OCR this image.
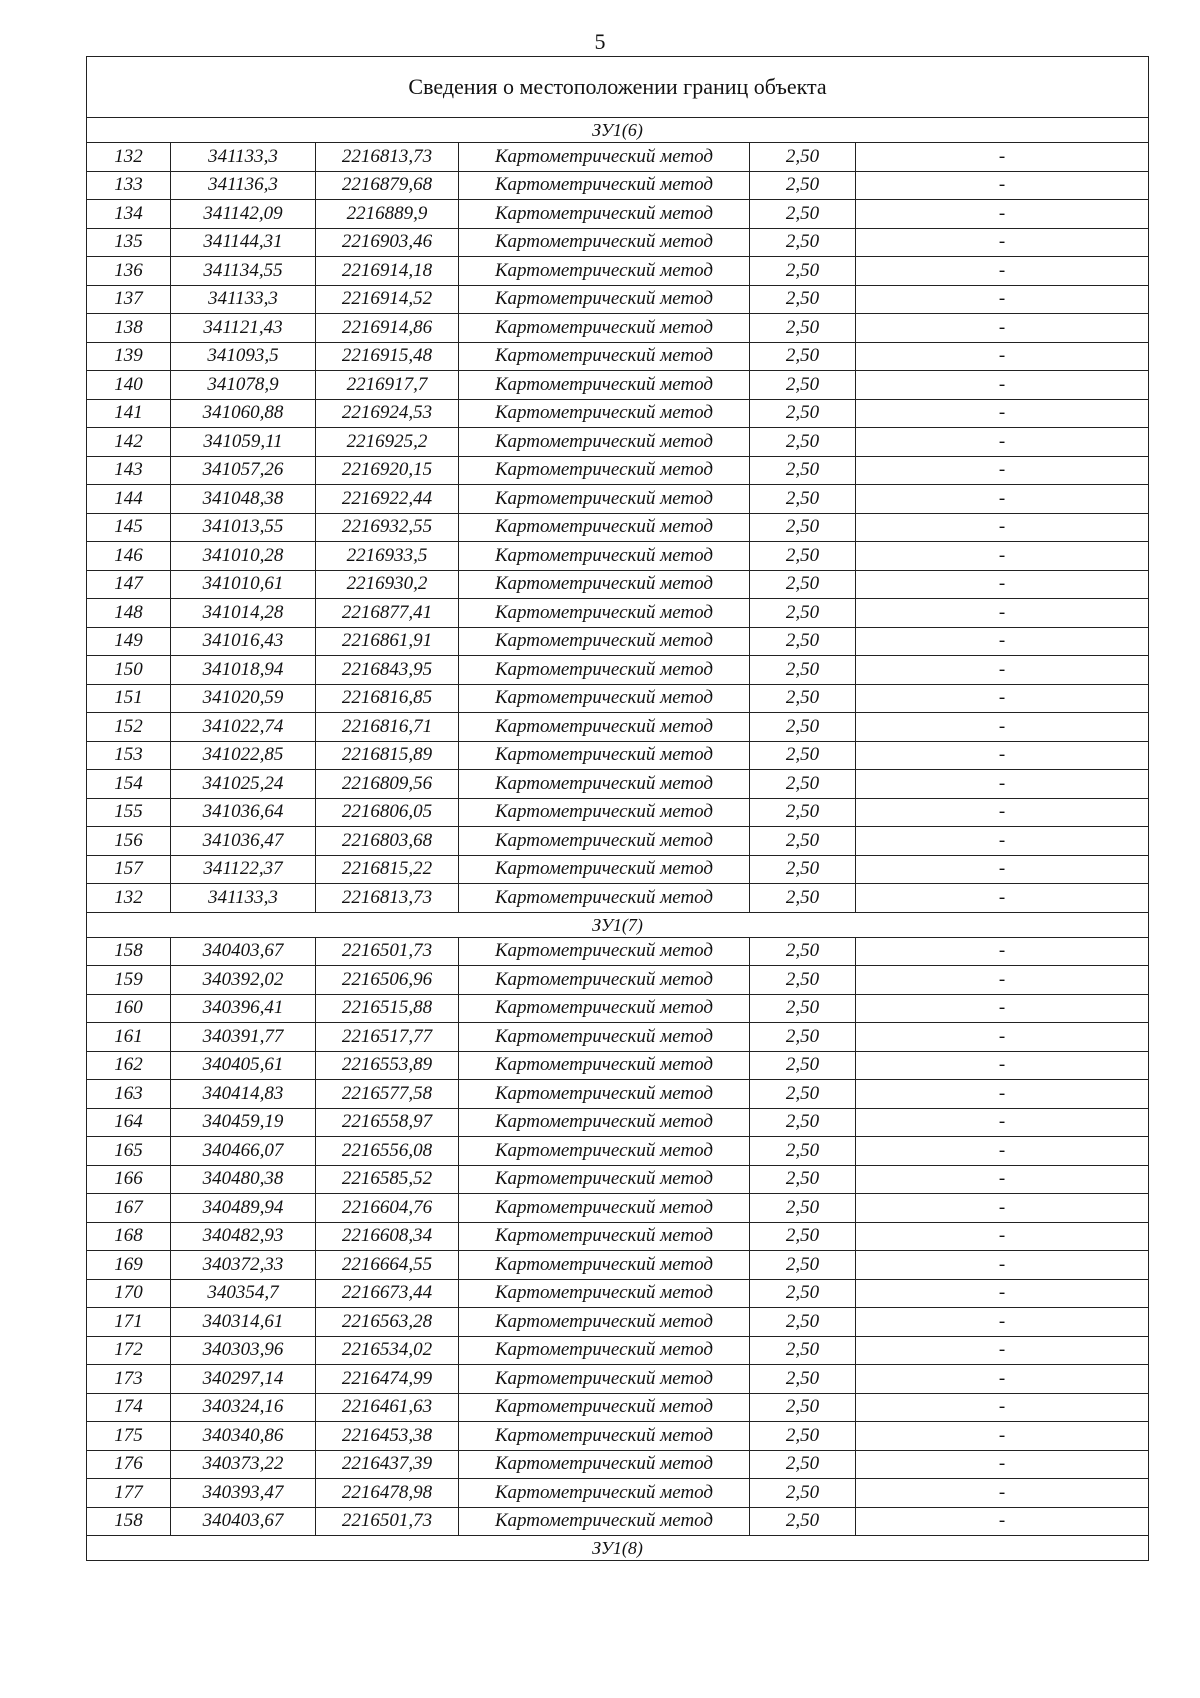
5
Сведения о местоположении границ объекта					
ЗУ1(6)					
132	341133,3	2216813,73	Картометрический метод	2,50	-
133	341136,3	2216879,68	Картометрический метод	2,50	-
134	341142,09	2216889,9	Картометрический метод	2,50	-
135	341144,31	2216903,46	Картометрический метод	2,50	-
136	341134,55	2216914,18	Картометрический метод	2,50	-
137	341133,3	2216914,52	Картометрический метод	2,50	-
138	341121,43	2216914,86	Картометрический метод	2,50	-
139	341093,5	2216915,48	Картометрический метод	2,50	-
140	341078,9	2216917,7	Картометрический метод	2,50	-
141	341060,88	2216924,53	Картометрический метод	2,50	-
142	341059,11	2216925,2	Картометрический метод	2,50	-
143	341057,26	2216920,15	Картометрический метод	2,50	-
144	341048,38	2216922,44	Картометрический метод	2,50	-
145	341013,55	2216932,55	Картометрический метод	2,50	-
146	341010,28	2216933,5	Картометрический метод	2,50	-
147	341010,61	2216930,2	Картометрический метод	2,50	-
148	341014,28	2216877,41	Картометрический метод	2,50	-
149	341016,43	2216861,91	Картометрический метод	2,50	-
150	341018,94	2216843,95	Картометрический метод	2,50	-
151	341020,59	2216816,85	Картометрический метод	2,50	-
152	341022,74	2216816,71	Картометрический метод	2,50	-
153	341022,85	2216815,89	Картометрический метод	2,50	-
154	341025,24	2216809,56	Картометрический метод	2,50	-
155	341036,64	2216806,05	Картометрический метод	2,50	-
156	341036,47	2216803,68	Картометрический метод	2,50	-
157	341122,37	2216815,22	Картометрический метод	2,50	-
132	341133,3	2216813,73	Картометрический метод	2,50	-
ЗУ1(7)					
158	340403,67	2216501,73	Картометрический метод	2,50	-
159	340392,02	2216506,96	Картометрический метод	2,50	-
160	340396,41	2216515,88	Картометрический метод	2,50	-
161	340391,77	2216517,77	Картометрический метод	2,50	-
162	340405,61	2216553,89	Картометрический метод	2,50	-
163	340414,83	2216577,58	Картометрический метод	2,50	-
164	340459,19	2216558,97	Картометрический метод	2,50	-
165	340466,07	2216556,08	Картометрический метод	2,50	-
166	340480,38	2216585,52	Картометрический метод	2,50	-
167	340489,94	2216604,76	Картометрический метод	2,50	-
168	340482,93	2216608,34	Картометрический метод	2,50	-
169	340372,33	2216664,55	Картометрический метод	2,50	-
170	340354,7	2216673,44	Картометрический метод	2,50	-
171	340314,61	2216563,28	Картометрический метод	2,50	-
172	340303,96	2216534,02	Картометрический метод	2,50	-
173	340297,14	2216474,99	Картометрический метод	2,50	-
174	340324,16	2216461,63	Картометрический метод	2,50	-
175	340340,86	2216453,38	Картометрический метод	2,50	-
176	340373,22	2216437,39	Картометрический метод	2,50	-
177	340393,47	2216478,98	Картометрический метод	2,50	-
158	340403,67	2216501,73	Картометрический метод	2,50	-
ЗУ1(8)					
